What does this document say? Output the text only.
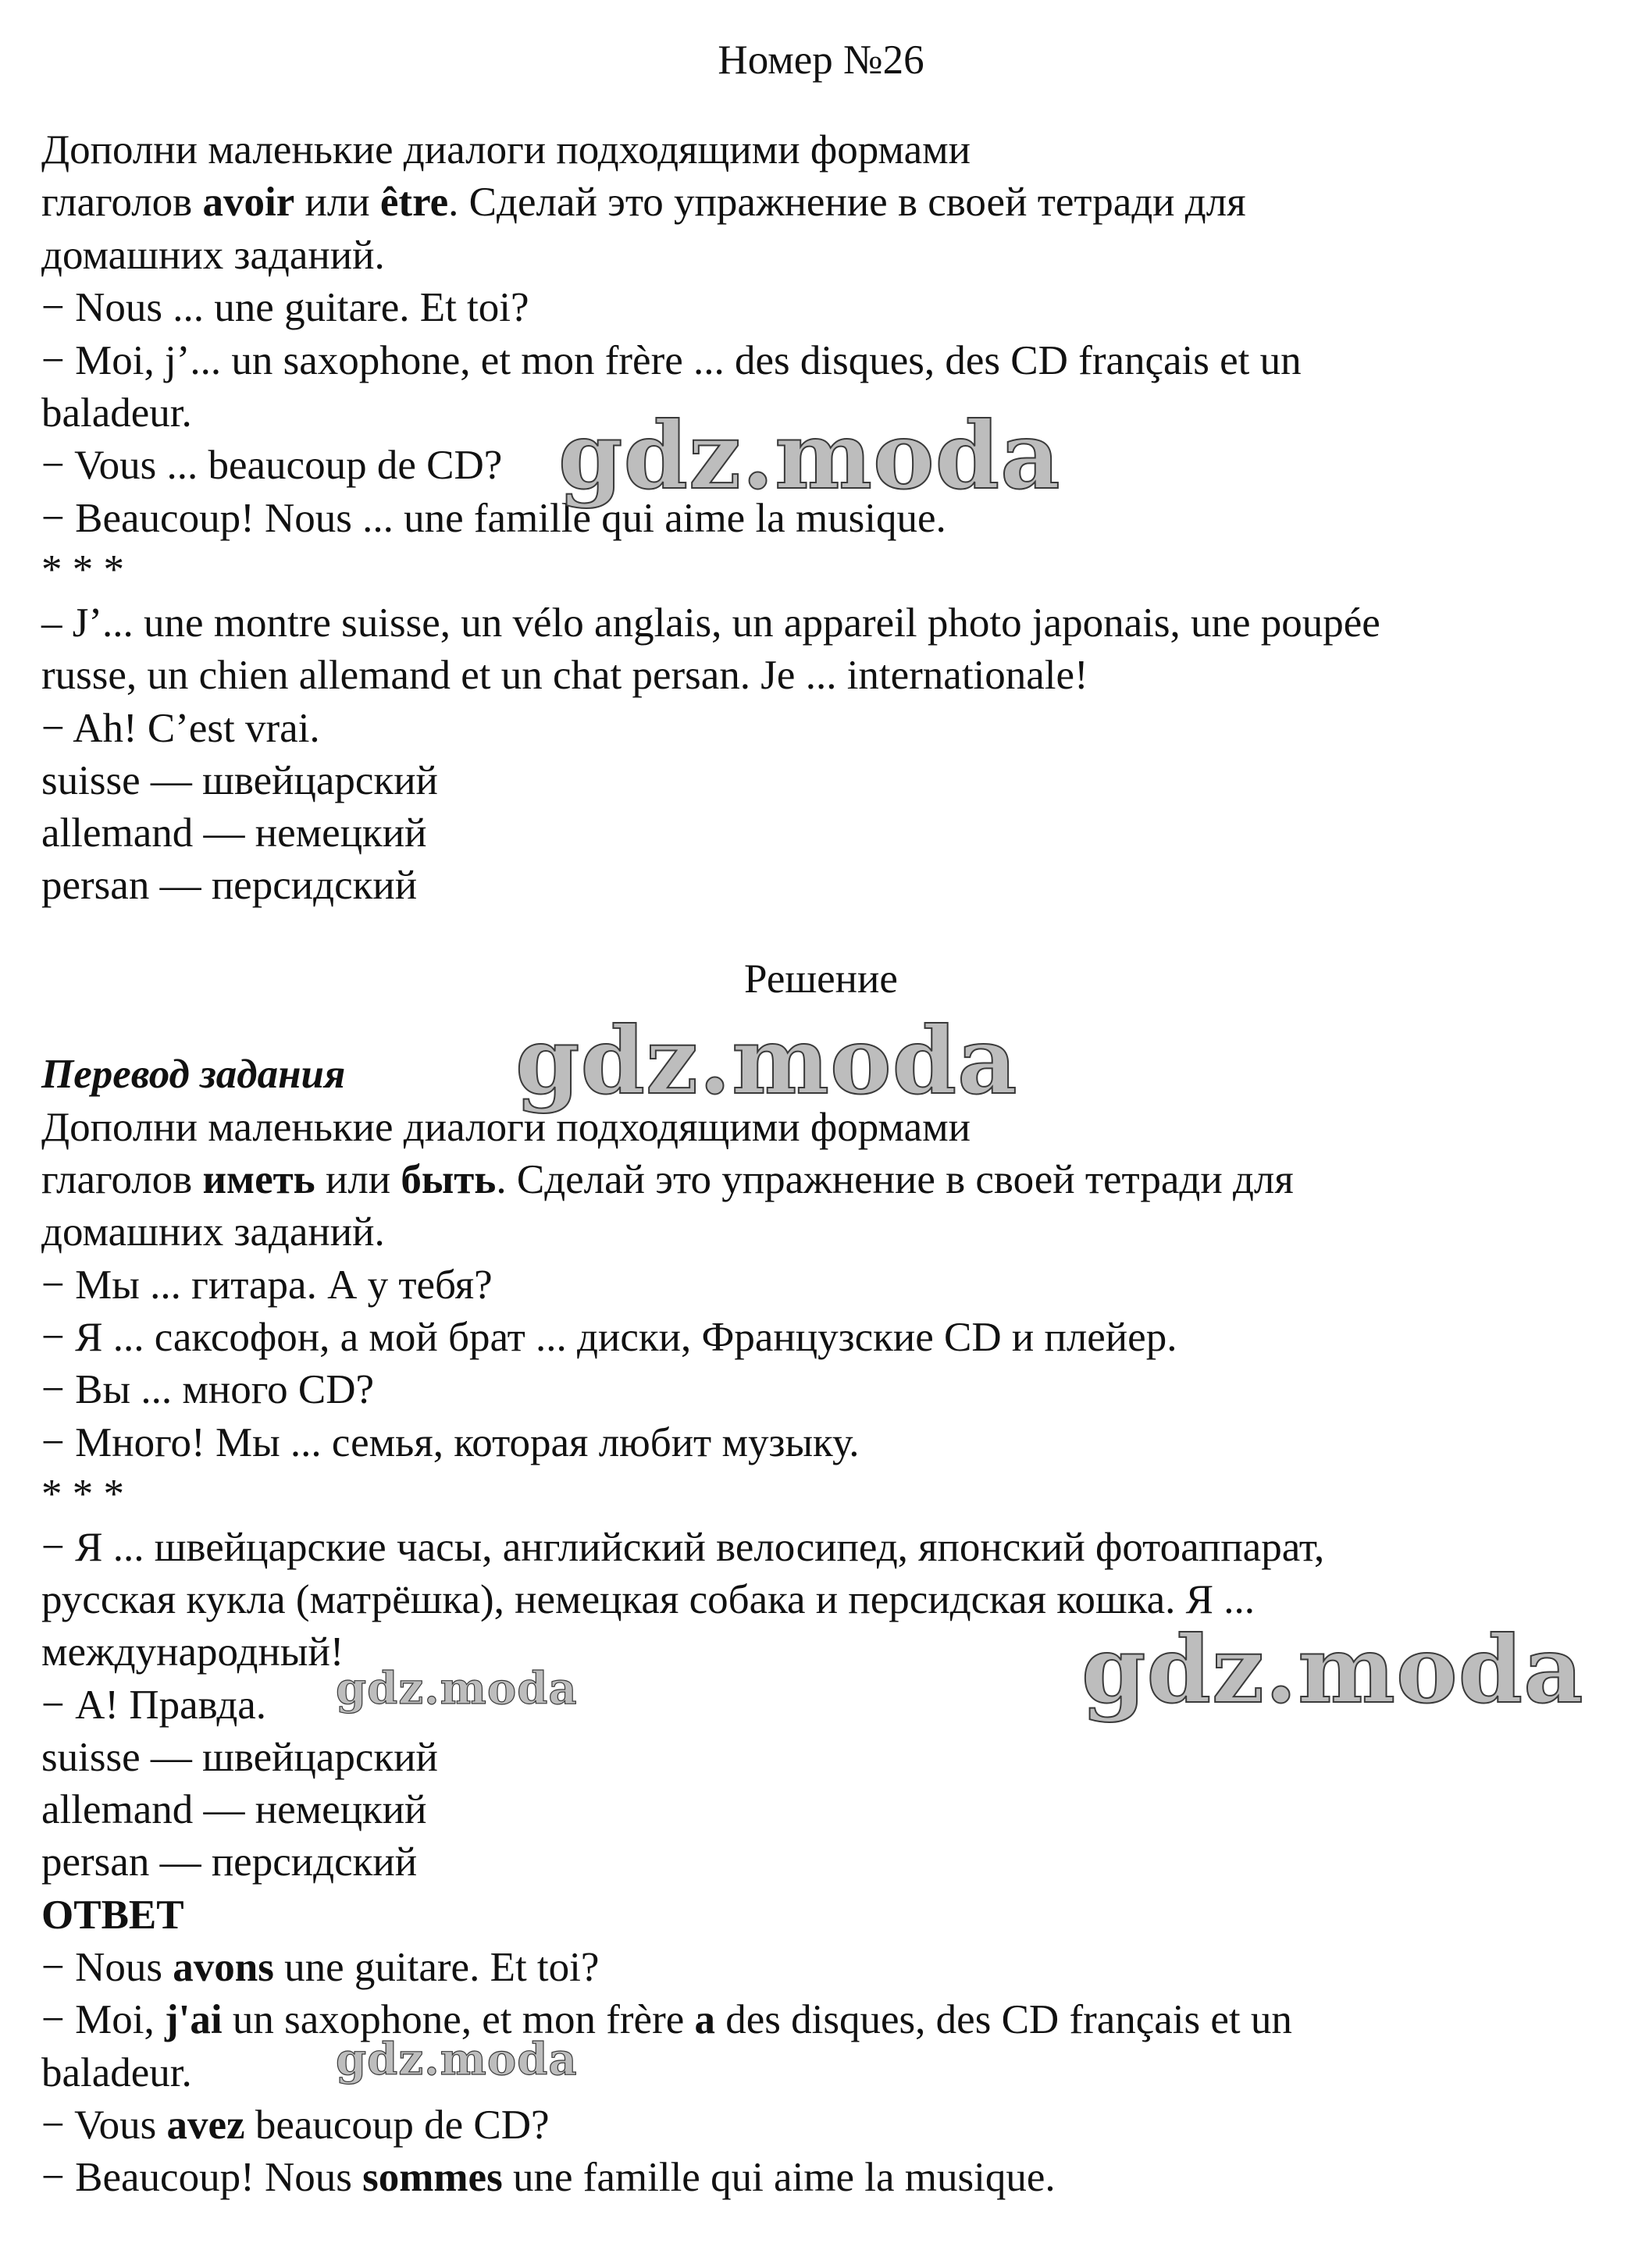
Номер №26

Дополни маленькие диалоги подходящими формами

глаголов avoir или être. Сделай это упражнение в своей тетради для

домашних заданий.

− Nous ... une guitare. Et toi?

− Moi, j’... un saxophone, et mon frère ... des disques, des CD français et un

baladeur.

− Vous ... beaucoup de CD?

− Beaucoup! Nous ... une famille qui aime la musique.

* * *

– J’... une montre suisse, un vélo anglais, un appareil photo japonais, une poupée

russe, un chien allemand et un chat persan. Je ... internationale!

− Ah! C’est vrai.

suisse — швейцарский

allemand — немецкий

persan — персидский

Решение

Перевод задания

Дополни маленькие диалоги подходящими формами

глаголов иметь или быть. Сделай это упражнение в своей тетради для

домашних заданий.

− Мы ... гитара. А у тебя?

− Я ... саксофон, а мой брат ... диски, Французские CD и плейер.

− Вы ... много CD?

− Много! Мы ... семья, которая любит музыку.

* * *

− Я ... швейцарские часы, английский велосипед, японский фотоаппарат,

русская кукла (матрёшка), немецкая собака и персидская кошка. Я ...

международный!

− А! Правда.

suisse — швейцарский

allemand — немецкий

persan — персидский

ОТВЕТ

− Nous avons une guitare. Et toi?

− Moi, j'ai un saxophone, et mon frère a des disques, des CD français et un

baladeur.

− Vous avez beaucoup de CD?

− Beaucoup! Nous sommes une famille qui aime la musique.

gdz.moda
gdz.moda
gdz.moda
gdz.moda
gdz.moda
